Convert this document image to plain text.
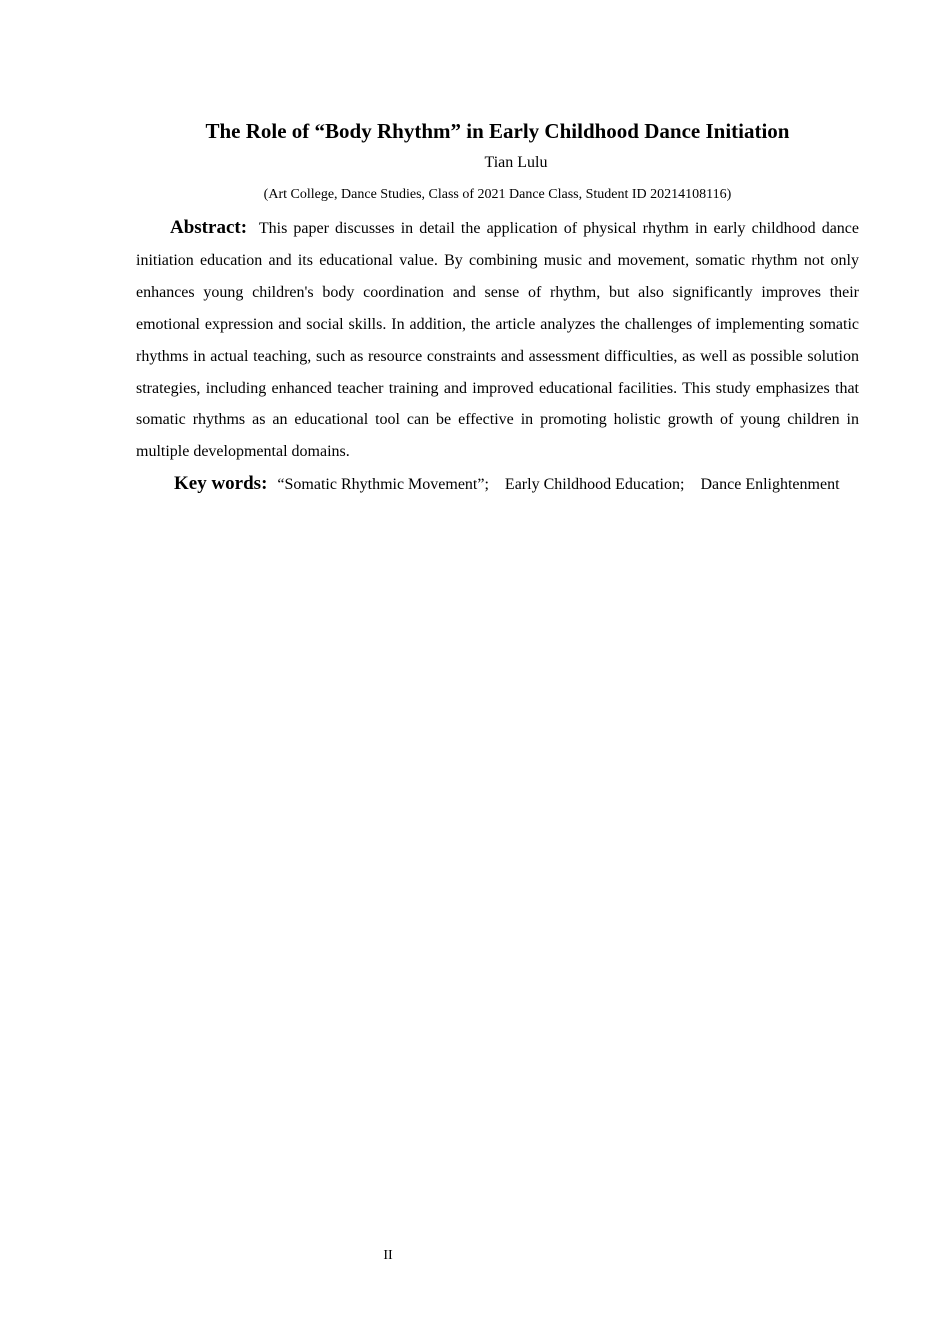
The Role of “Body Rhythm” in Early Childhood Dance Initiation
Tian Lulu
(Art College, Dance Studies, Class of 2021 Dance Class, Student ID 20214108116)

Abstract: This paper discusses in detail the application of physical rhythm in early childhood dance initiation education and its educational value. By combining music and movement, somatic rhythm not only enhances young children's body coordination and sense of rhythm, but also significantly improves their emotional expression and social skills. In addition, the article analyzes the challenges of implementing somatic rhythms in actual teaching, such as resource constraints and assessment difficulties, as well as possible solution strategies, including enhanced teacher training and improved educational facilities. This study emphasizes that somatic rhythms as an educational tool can be effective in promoting holistic growth of young children in multiple developmental domains.

Key words: “Somatic Rhythmic Movement”; Early Childhood Education; Dance Enlightenment

II
